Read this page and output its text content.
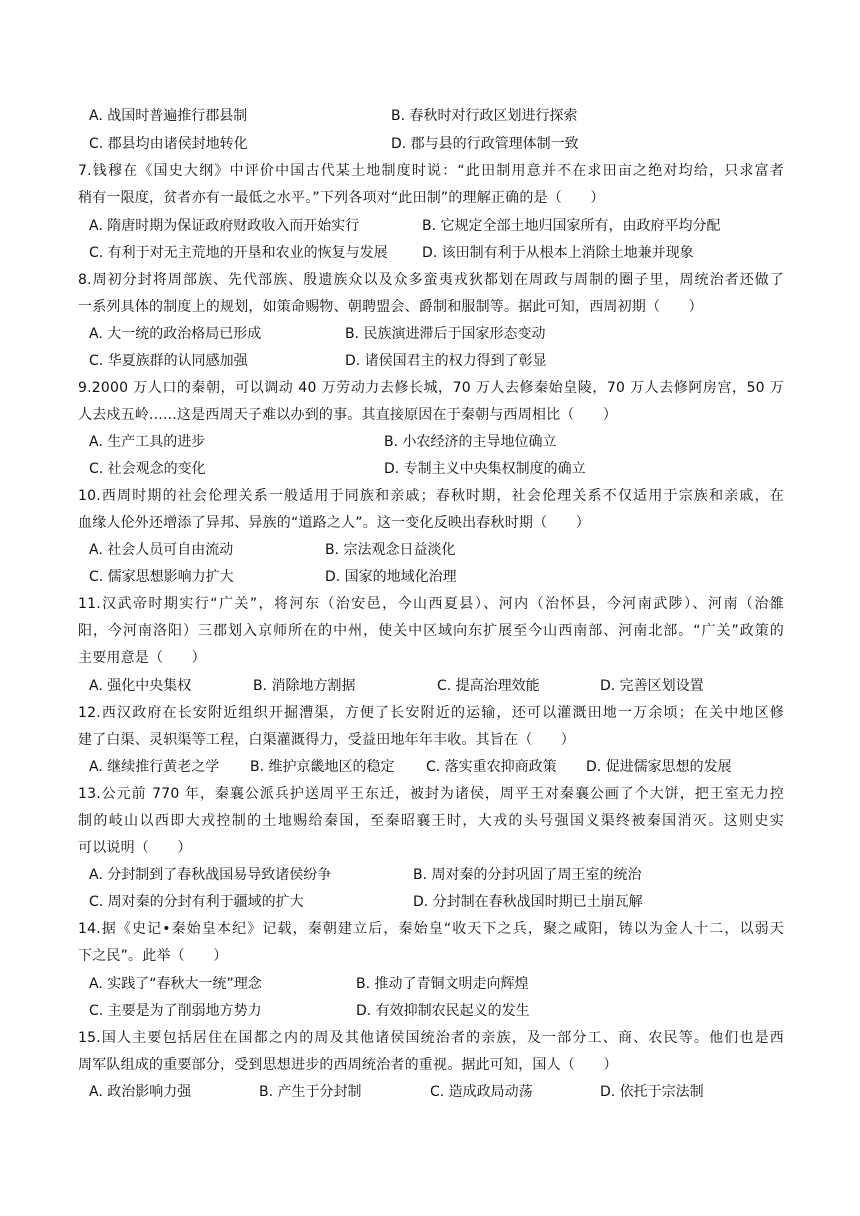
A. 战国时普遍推行郡县制	B. 春秋时对行政区划进行探索
C. 郡县均由诸侯封地转化	D. 郡与县的行政管理体制一致
7.钱穆在《国史大纲》中评价中国古代某土地制度时说：“此田制用意并不在求田亩之绝对均给，只求富者
稍有一限度，贫者亦有一最低之水平。”下列各项对“此田制”的理解正确的是（　　）
A. 隋唐时期为保证政府财政收入而开始实行	B. 它规定全部土地归国家所有，由政府平均分配
C. 有利于对无主荒地的开垦和农业的恢复与发展 D. 该田制有利于从根本上消除土地兼并现象
8.周初分封将周部族、先代部族、殷遗族众以及众多蛮夷戎狄都划在周政与周制的圈子里，周统治者还做了
一系列具体的制度上的规划，如策命赐物、朝聘盟会、爵制和服制等。据此可知，西周初期（　　）
A. 大一统的政治格局已形成	B. 民族演进滞后于国家形态变动
C. 华夏族群的认同感加强	D. 诸侯国君主的权力得到了彰显
9.2000 万人口的秦朝，可以调动 40 万劳动力去修长城，70 万人去修秦始皇陵，70 万人去修阿房宫，50 万
人去戍五岭......这是西周天子难以办到的事。其直接原因在于秦朝与西周相比（　　）
A. 生产工具的进步	B. 小农经济的主导地位确立
C. 社会观念的变化	D. 专制主义中央集权制度的确立
10.西周时期的社会伦理关系一般适用于同族和亲戚；春秋时期，社会伦理关系不仅适用于宗族和亲戚，在
血缘人伦外还增添了异邦、异族的“道路之人”。这一变化反映出春秋时期（　　）
A. 社会人员可自由流动	B. 宗法观念日益淡化
C. 儒家思想影响力扩大	D. 国家的地域化治理
11.汉武帝时期实行“广关”，将河东（治安邑，今山西夏县）、河内（治怀县，今河南武陟）、河南（治雒
阳，今河南洛阳）三郡划入京师所在的中州，使关中区域向东扩展至今山西南部、河南北部。“广关”政策的
主要用意是（　　）
A. 强化中央集权	B. 消除地方割据	C. 提高治理效能	D. 完善区划设置
12.西汉政府在长安附近组织开掘漕渠，方便了长安附近的运输，还可以灌溉田地一万余顷；在关中地区修
建了白渠、灵轵渠等工程，白渠灌溉得力，受益田地年年丰收。其旨在（　　）
A. 继续推行黄老之学 B. 维护京畿地区的稳定 C. 落实重农抑商政策 D. 促进儒家思想的发展
13.公元前 770 年，秦襄公派兵护送周平王东迁，被封为诸侯，周平王对秦襄公画了个大饼，把王室无力控
制的岐山以西即大戎控制的土地赐给秦国，至秦昭襄王时，大戎的头号强国义渠终被秦国消灭。这则史实
可以说明（　　）
A. 分封制到了春秋战国易导致诸侯纷争	B. 周对秦的分封巩固了周王室的统治
C. 周对秦的分封有利于疆域的扩大	D. 分封制在春秋战国时期已土崩瓦解
14.据《史记•秦始皇本纪》记载，秦朝建立后，秦始皇“收天下之兵，聚之咸阳，铸以为金人十二，以弱天
下之民”。此举（　　）
A. 实践了“春秋大一统”理念	B. 推动了青铜文明走向辉煌
C. 主要是为了削弱地方势力	D. 有效抑制农民起义的发生
15.国人主要包括居住在国都之内的周及其他诸侯国统治者的亲族，及一部分工、商、农民等。他们也是西
周军队组成的重要部分，受到思想进步的西周统治者的重视。据此可知，国人（　　）
A. 政治影响力强	B. 产生于分封制	C. 造成政局动荡	D. 依托于宗法制
